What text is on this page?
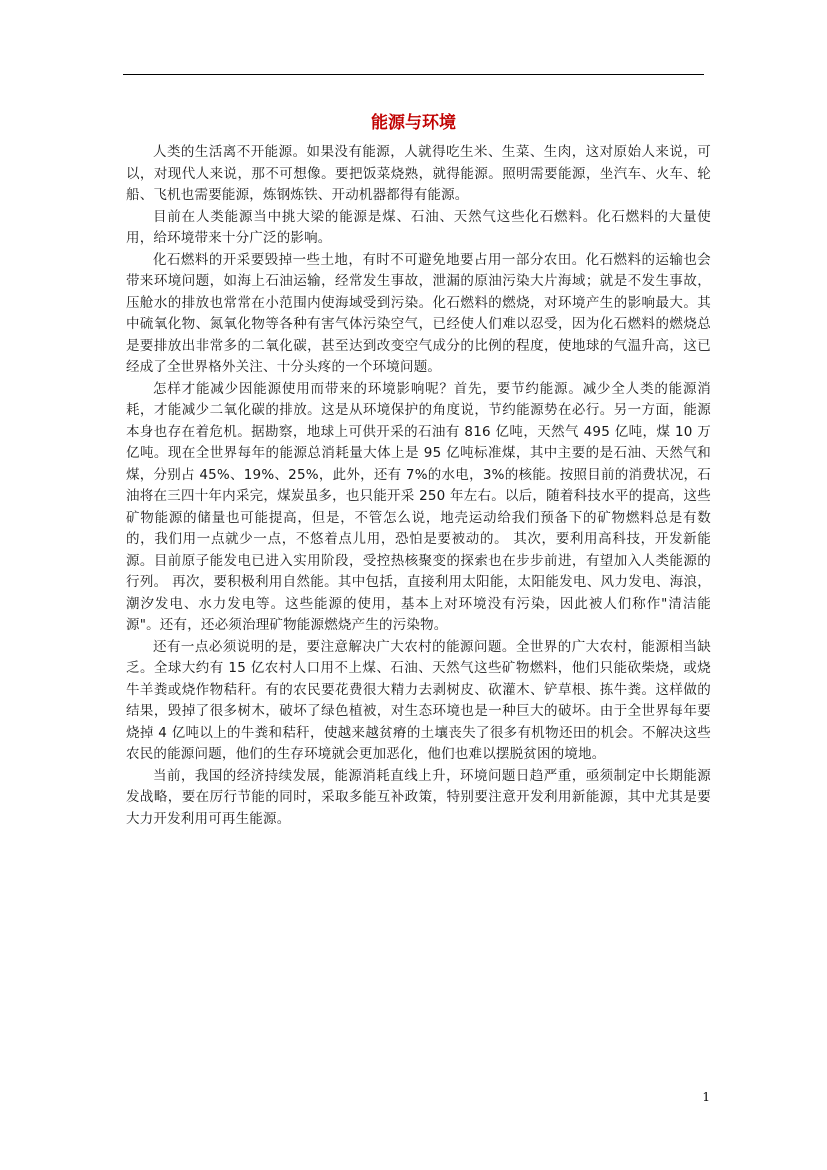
能源与环境

人类的生活离不开能源。如果没有能源，人就得吃生米、生菜、生肉，这对原始人来说，可以，对现代人来说，那不可想像。要把饭菜烧熟，就得能源。照明需要能源，坐汽车、火车、轮船、飞机也需要能源，炼钢炼铁、开动机器都得有能源。

目前在人类能源当中挑大梁的能源是煤、石油、天然气这些化石燃料。化石燃料的大量使用，给环境带来十分广泛的影响。

化石燃料的开采要毁掉一些土地，有时不可避免地要占用一部分农田。化石燃料的运输也会带来环境问题，如海上石油运输，经常发生事故，泄漏的原油污染大片海域；就是不发生事故，压舱水的排放也常常在小范围内使海域受到污染。化石燃料的燃烧，对环境产生的影响最大。其中硫氧化物、氮氧化物等各种有害气体污染空气，已经使人们难以忍受，因为化石燃料的燃烧总是要排放出非常多的二氧化碳，甚至达到改变空气成分的比例的程度，使地球的气温升高，这已经成了全世界格外关注、十分头疼的一个环境问题。

怎样才能减少因能源使用而带来的环境影响呢？首先，要节约能源。减少全人类的能源消耗，才能减少二氧化碳的排放。这是从环境保护的角度说，节约能源势在必行。另一方面，能源本身也存在着危机。据勘察，地球上可供开采的石油有 816 亿吨，天然气 495 亿吨，煤 10 万亿吨。现在全世界每年的能源总消耗量大体上是 95 亿吨标准煤，其中主要的是石油、天然气和煤，分别占 45%、19%、25%，此外，还有 7%的水电，3%的核能。按照目前的消费状况，石油将在三四十年内采完，煤炭虽多，也只能开采 250 年左右。以后，随着科技水平的提高，这些矿物能源的储量也可能提高，但是，不管怎么说，地壳运动给我们预备下的矿物燃料总是有数的，我们用一点就少一点，不悠着点儿用，恐怕是要被动的。 其次，要利用高科技，开发新能源。目前原子能发电已进入实用阶段，受控热核聚变的探索也在步步前进，有望加入人类能源的行列。 再次，要积极利用自然能。其中包括，直接利用太阳能，太阳能发电、风力发电、海浪，潮汐发电、水力发电等。这些能源的使用，基本上对环境没有污染，因此被人们称作"清洁能源"。还有，还必须治理矿物能源燃烧产生的污染物。

还有一点必须说明的是，要注意解决广大农村的能源问题。全世界的广大农村，能源相当缺乏。全球大约有 15 亿农村人口用不上煤、石油、天然气这些矿物燃料，他们只能砍柴烧，或烧牛羊粪或烧作物秸秆。有的农民要花费很大精力去剥树皮、砍灌木、铲草根、拣牛粪。这样做的结果，毁掉了很多树木，破坏了绿色植被，对生态环境也是一种巨大的破坏。由于全世界每年要烧掉 4 亿吨以上的牛粪和秸秆，使越来越贫瘠的土壤丧失了很多有机物还田的机会。不解决这些农民的能源问题，他们的生存环境就会更加恶化，他们也难以摆脱贫困的境地。

当前，我国的经济持续发展，能源消耗直线上升，环境问题日趋严重，亟须制定中长期能源发战略，要在厉行节能的同时，采取多能互补政策，特别要注意开发利用新能源，其中尤其是要大力开发利用可再生能源。

1
